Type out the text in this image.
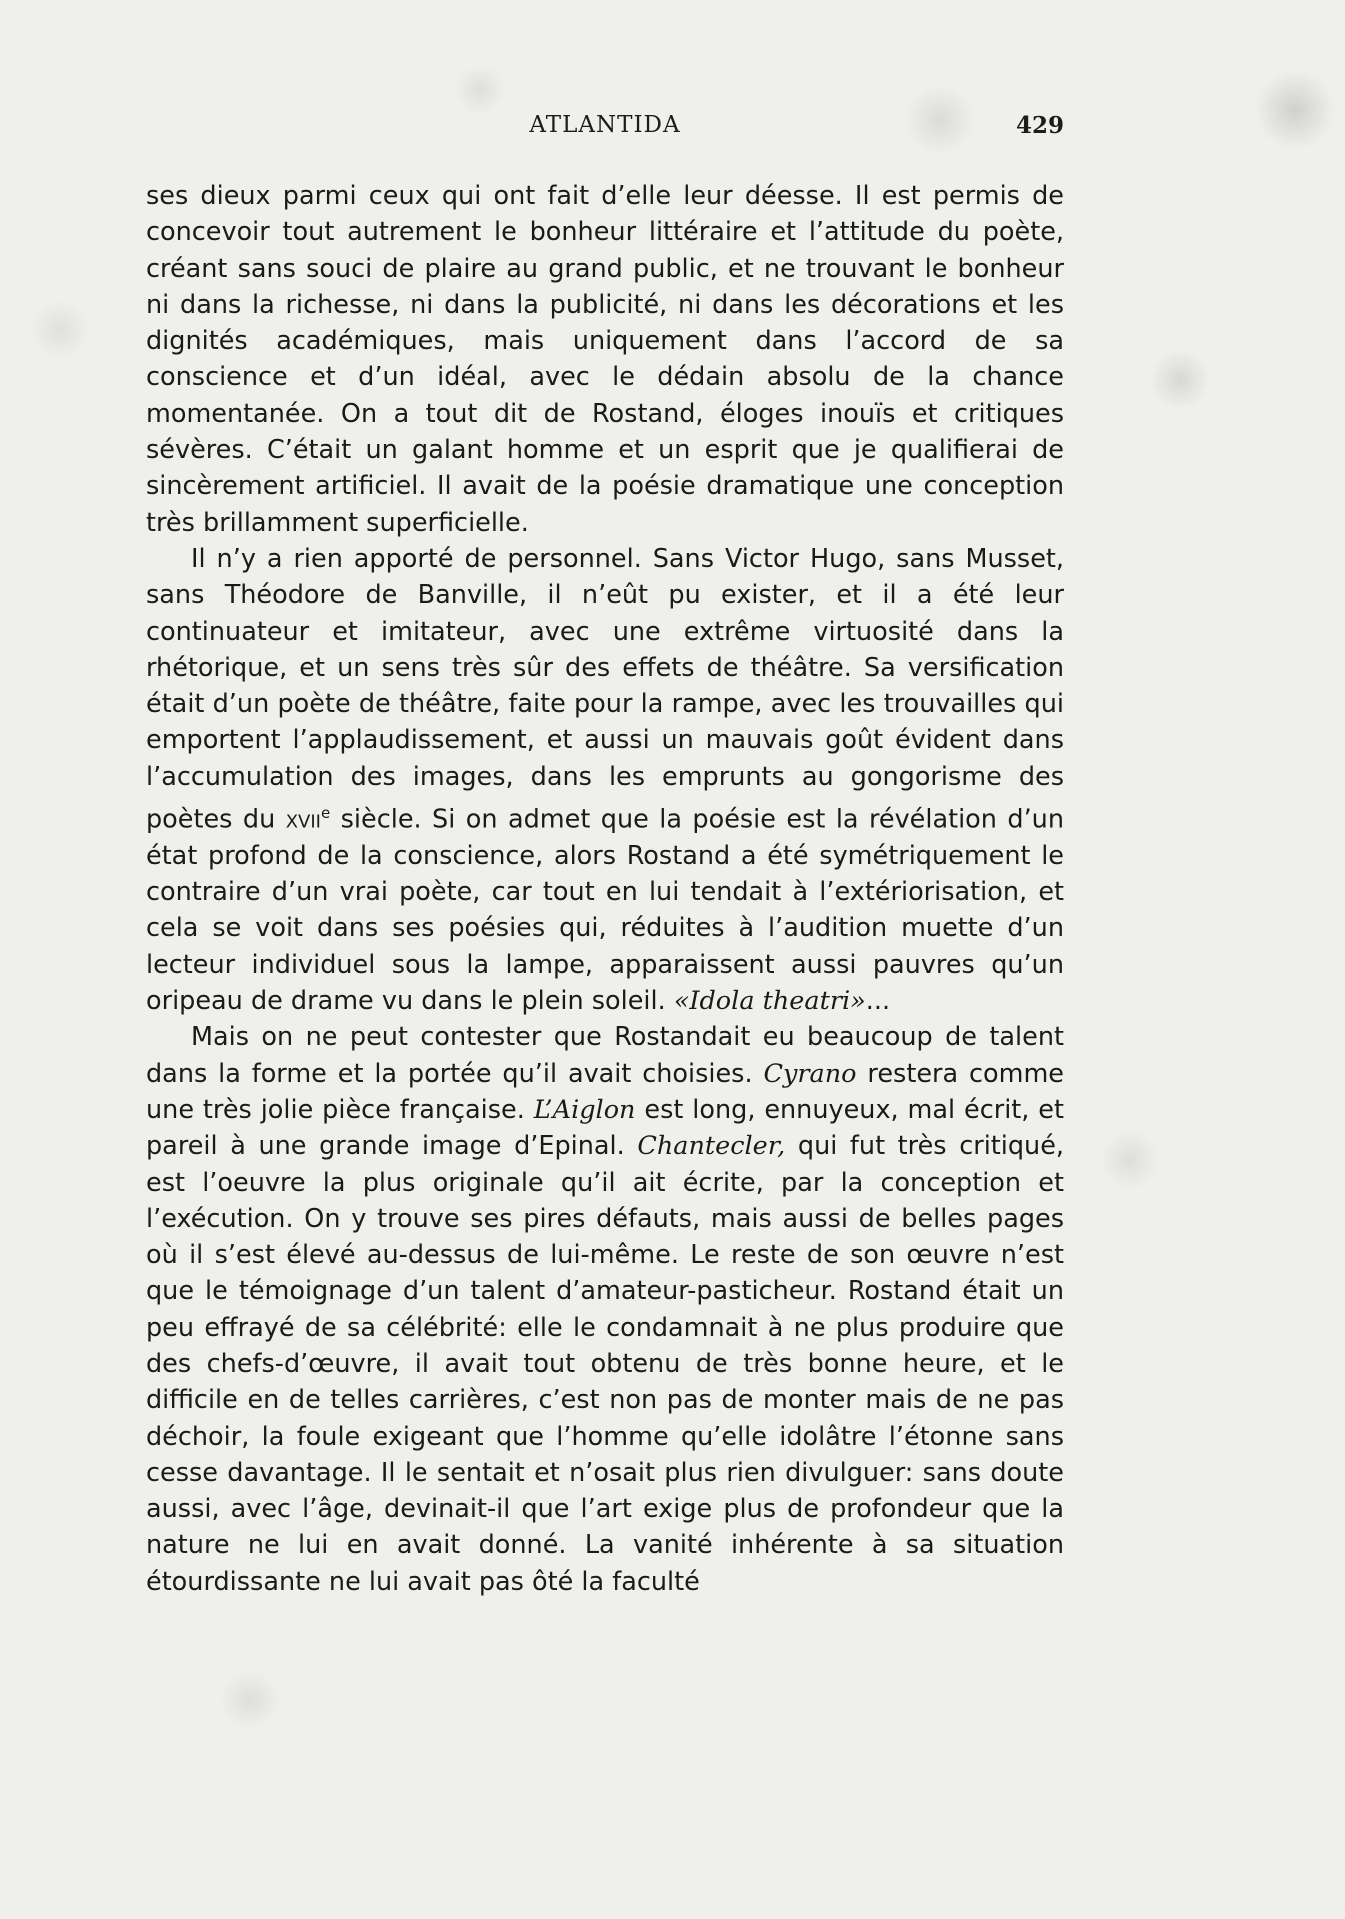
ATLANTIDA	429

ses dieux parmi ceux qui ont fait d’elle leur déesse. Il est permis de concevoir tout autrement le bonheur littéraire et l’attitude du poète, créant sans souci de plaire au grand public, et ne trouvant le bonheur ni dans la richesse, ni dans la publicité, ni dans les décorations et les dignités académiques, mais uniquement dans l’accord de sa conscience et d’un idéal, avec le dédain absolu de la chance momentanée. On a tout dit de Rostand, éloges inouïs et critiques sévères. C’était un galant homme et un esprit que je qualifierai de sincèrement artificiel. Il avait de la poésie dramatique une conception très brillamment superficielle.

Il n’y a rien apporté de personnel. Sans Victor Hugo, sans Musset, sans Théodore de Banville, il n’eût pu exister, et il a été leur continuateur et imitateur, avec une extrême virtuosité dans la rhétorique, et un sens très sûr des effets de théâtre. Sa versification était d’un poète de théâtre, faite pour la rampe, avec les trouvailles qui emportent l’applaudissement, et aussi un mauvais goût évident dans l’accumulation des images, dans les emprunts au gongorisme des poètes du xvii$^e$ siècle. Si on admet que la poésie est la révélation d’un état profond de la conscience, alors Rostand a été symétriquement le contraire d’un vrai poète, car tout en lui tendait à l’extériorisation, et cela se voit dans ses poésies qui, réduites à l’audition muette d’un lecteur individuel sous la lampe, apparaissent aussi pauvres qu’un oripeau de drame vu dans le plein soleil. «Idola theatri»...

Mais on ne peut contester que Rostandait eu beaucoup de talent dans la forme et la portée qu’il avait choisies. Cyrano restera comme une très jolie pièce française. L’Aiglon est long, ennuyeux, mal écrit, et pareil à une grande image d’Epinal. Chantecler, qui fut très critiqué, est l’oeuvre la plus originale qu’il ait écrite, par la conception et l’exécution. On y trouve ses pires défauts, mais aussi de belles pages où il s’est élevé au-dessus de lui-même. Le reste de son œuvre n’est que le témoignage d’un talent d’amateur-pasticheur. Rostand était un peu effrayé de sa célébrité: elle le condamnait à ne plus produire que des chefs-d’œuvre, il avait tout obtenu de très bonne heure, et le difficile en de telles carrières, c’est non pas de monter mais de ne pas déchoir, la foule exigeant que l’homme qu’elle idolâtre l’étonne sans cesse davantage. Il le sentait et n’osait plus rien divulguer: sans doute aussi, avec l’âge, devinait-il que l’art exige plus de profondeur que la nature ne lui en avait donné. La vanité inhérente à sa situation étourdissante ne lui avait pas ôté la faculté
